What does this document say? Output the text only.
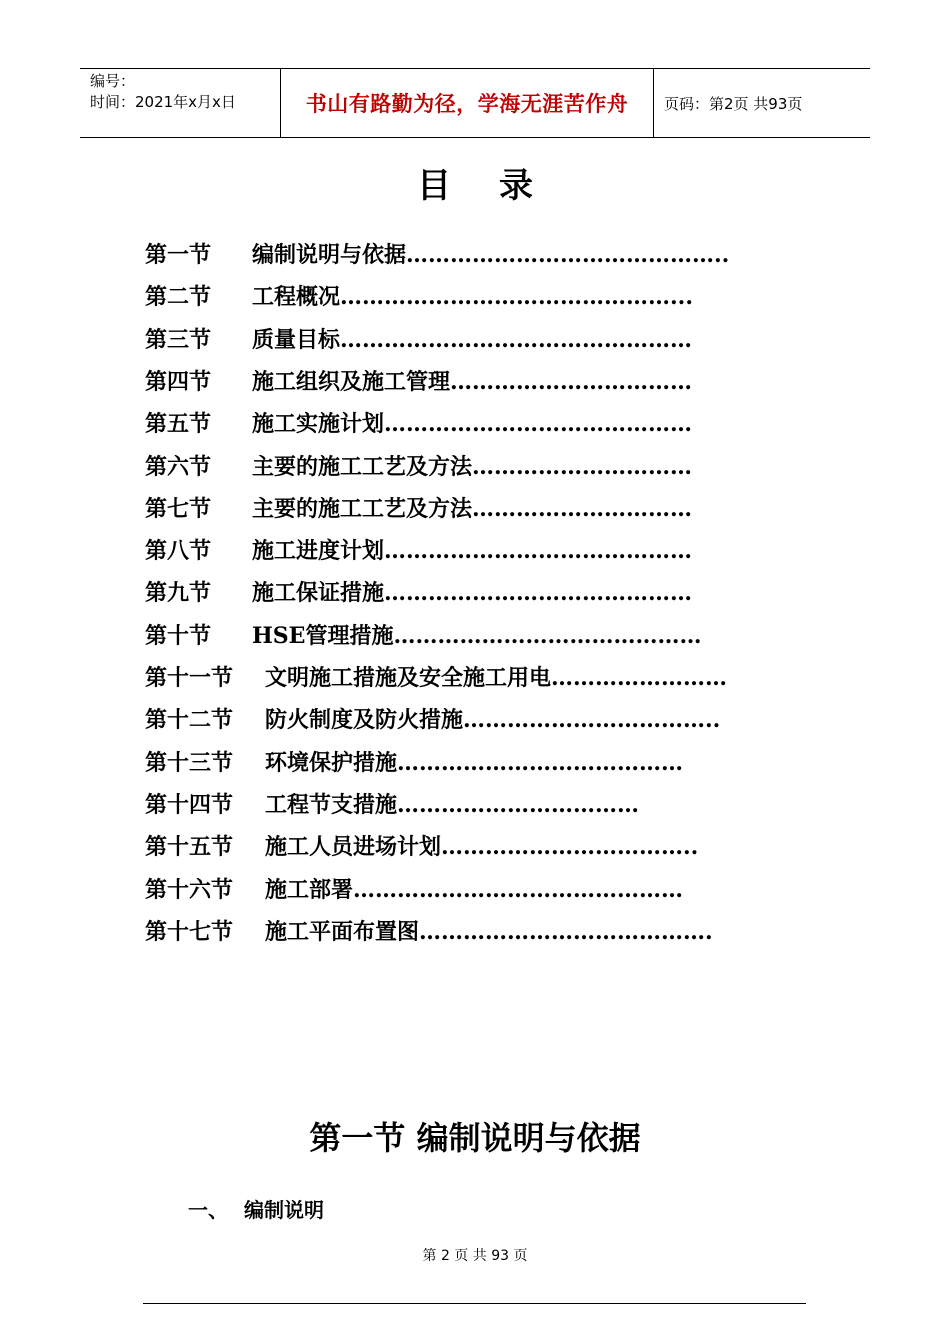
编号：
时间：2021年x月x日	书山有路勤为径，学海无涯苦作舟	页码：第2页 共93页
目录
第一节	编制说明与依据 ……………………………………..
第二节	工程概况 ………………………………………...
第三节	质量目标 …………………………………………
第四节	施工组织及施工管理 ……………………………
第五节	施工实施计划 ……………………………………
第六节	主要的施工工艺及方法 …………………………
第七节	主要的施工工艺及方法 …………………………
第八节	施工进度计划 ……………………………………
第九节	施工保证措施 ……………………………………
第十节	HSE管理措施 ……………………………………
第十一节	文明施工措施及安全施工用电 ……………………
第十二节	防火制度及防火措施 ……………………………..
第十三节	环境保护措施 …………………………………
第十四节	工程节支措施 ……………………………
第十五节	施工人员进场计划 ……………………………..
第十六节	施工部署 ………………………………………
第十七节	施工平面布置图 ………………………………….
第一节 编制说明与依据
一、 编制说明
第 2 页 共 93 页
